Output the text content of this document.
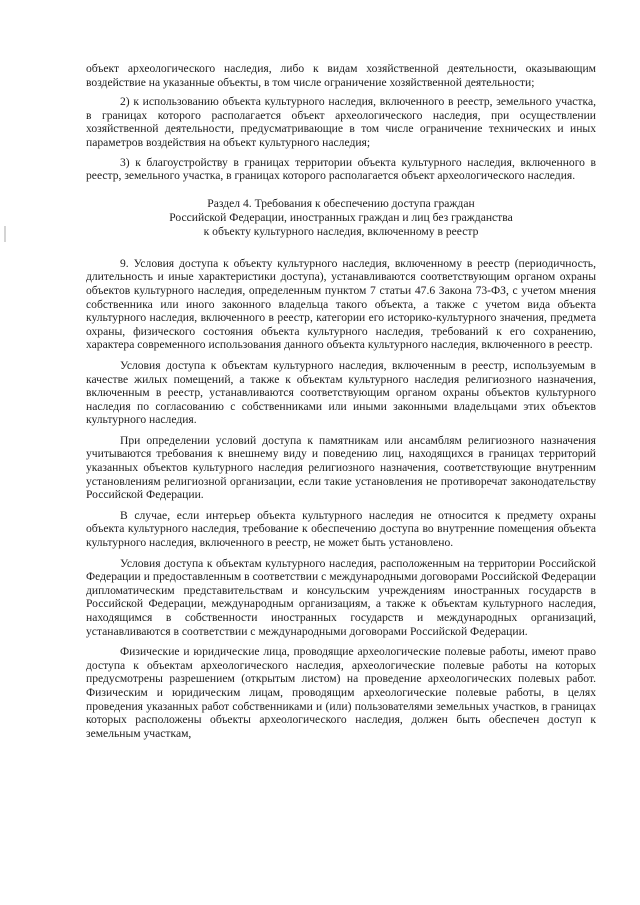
объект археологического наследия, либо к видам хозяйственной деятельности, оказывающим воздействие на указанные объекты, в том числе ограничение хозяйственной деятельности;

2) к использованию объекта культурного наследия, включенного в реестр, земельного участка, в границах которого располагается объект археологического наследия, при осуществлении хозяйственной деятельности, предусматривающие в том числе ограничение технических и иных параметров воздействия на объект культурного наследия;

3) к благоустройству в границах территории объекта культурного наследия, включенного в реестр, земельного участка, в границах которого располагается объект археологического наследия.

Раздел 4. Требования к обеспечению доступа граждан
Российской Федерации, иностранных граждан и лиц без гражданства
к объекту культурного наследия, включенному в реестр

9. Условия доступа к объекту культурного наследия, включенному в реестр (периодичность, длительность и иные характеристики доступа), устанавливаются соответствующим органом охраны объектов культурного наследия, определенным пунктом 7 статьи 47.6 Закона 73-ФЗ, с учетом мнения собственника или иного законного владельца такого объекта, а также с учетом вида объекта культурного наследия, включенного в реестр, категории его историко-культурного значения, предмета охраны, физического состояния объекта культурного наследия, требований к его сохранению, характера современного использования данного объекта культурного наследия, включенного в реестр.

Условия доступа к объектам культурного наследия, включенным в реестр, используемым в качестве жилых помещений, а также к объектам культурного наследия религиозного назначения, включенным в реестр, устанавливаются соответствующим органом охраны объектов культурного наследия по согласованию с собственниками или иными законными владельцами этих объектов культурного наследия.

При определении условий доступа к памятникам или ансамблям религиозного назначения учитываются требования к внешнему виду и поведению лиц, находящихся в границах территорий указанных объектов культурного наследия религиозного назначения, соответствующие внутренним установлениям религиозной организации, если такие установления не противоречат законодательству Российской Федерации.

В случае, если интерьер объекта культурного наследия не относится к предмету охраны объекта культурного наследия, требование к обеспечению доступа во внутренние помещения объекта культурного наследия, включенного в реестр, не может быть установлено.

Условия доступа к объектам культурного наследия, расположенным на территории Российской Федерации и предоставленным в соответствии с международными договорами Российской Федерации дипломатическим представительствам и консульским учреждениям иностранных государств в Российской Федерации, международным организациям, а также к объектам культурного наследия, находящимся в собственности иностранных государств и международных организаций, устанавливаются в соответствии с международными договорами Российской Федерации.

Физические и юридические лица, проводящие археологические полевые работы, имеют право доступа к объектам археологического наследия, археологические полевые работы на которых предусмотрены разрешением (открытым листом) на проведение археологических полевых работ. Физическим и юридическим лицам, проводящим археологические полевые работы, в целях проведения указанных работ собственниками и (или) пользователями земельных участков, в границах которых расположены объекты археологического наследия, должен быть обеспечен доступ к земельным участкам,
